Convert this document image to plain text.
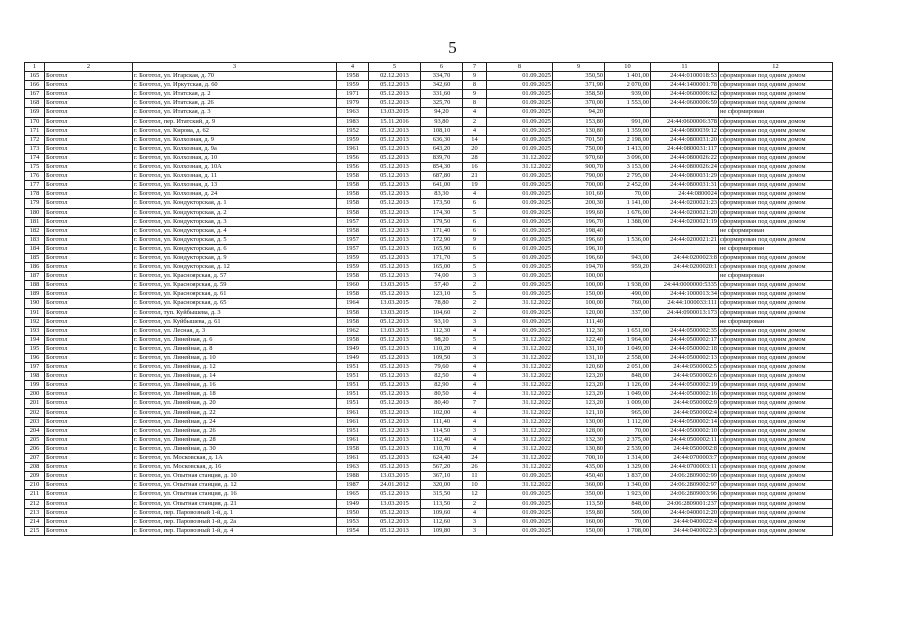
5
1	2	3	4	5	6	7	8	9	10	11	12
165	Боготол	г. Боготол, ул. Игарская, д. 70	1958	02.12.2013	334,70	9	01.09.2025	350,50	1 401,00	24:44:0100018:53	сформирован под одним домом
166	Боготол	г. Боготол, ул. Иркутская, д. 60	1959	05.12.2013	342,60	8	01.09.2025	371,90	2 070,00	24:44:1400001:78	сформирован под одним домом
167	Боготол	г. Боготол, ул. Итатская, д. 2	1971	05.12.2013	331,60	9	01.09.2025	358,50	939,00	24:44:0600006:62	сформирован под одним домом
168	Боготол	г. Боготол, ул. Итатская, д. 26	1979	05.12.2013	325,70	8	01.09.2025	370,00	1 553,00	24:44:0600006:59	сформирован под одним домом
169	Боготол	г. Боготол, ул. Итатская, д. 3	1963	13.03.2015	94,20	4	01.09.2025	94,20			не сформирован
170	Боготол	г. Боготол, пер. Итатский, д. 9	1983	15.11.2016	93,80	2	01.09.2025	153,80	991,00	24:44:0600006:378	сформирован под одним домом
171	Боготол	г. Боготол, ул. Кирова, д. 62	1952	05.12.2013	108,10	4	01.09.2025	130,80	1 359,00	24:44:0800039:12	сформирован под одним домом
172	Боготол	г. Боготол, ул. Колхозная, д. 9	1959	05.12.2013	636,30	14	01.09.2025	701,50	2 198,00	24:44:0800031:20	сформирован под одним домом
173	Боготол	г. Боготол, ул. Колхозная, д. 9а	1961	05.12.2013	643,20	20	01.09.2025	750,00	1 413,00	24:44:0800031:117	сформирован под одним домом
174	Боготол	г. Боготол, ул. Колхозная, д. 10	1956	05.12.2013	839,70	28	31.12.2022	970,60	3 096,00	24:44:0800026:22	сформирован под одним домом
175	Боготол	г. Боготол, ул. Колхозная, д. 10А	1956	05.12.2013	854,30	16	31.12.2022	900,70	3 153,00	24:44:0800026:24	сформирован под одним домом
176	Боготол	г. Боготол, ул. Колхозная, д. 11	1958	05.12.2013	687,80	21	01.09.2025	790,00	2 795,00	24:44:0800031:29	сформирован под одним домом
177	Боготол	г. Боготол, ул. Колхозная, д. 13	1958	05.12.2013	641,00	19	01.09.2025	700,00	2 452,00	24:44:0800031:31	сформирован под одним домом
178	Боготол	г. Боготол, ул. Колхозная, д. 24	1958	05.12.2013	83,30	4	01.09.2025	101,60	70,00	24:44:0800024	сформирован под одним домом
179	Боготол	г. Боготол, ул. Кондукторская, д. 1	1958	05.12.2013	173,50	6	01.09.2025	200,30	1 141,00	24:44:0200021:23	сформирован под одним домом
180	Боготол	г. Боготол, ул. Кондукторская, д. 2	1958	05.12.2013	174,30	5	01.09.2025	199,60	1 676,00	24:44:0200021:20	сформирован под одним домом
181	Боготол	г. Боготол, ул. Кондукторская, д. 3	1957	05.12.2013	179,50	6	01.09.2025	196,70	1 388,00	24:44:0200021:19	сформирован под одним домом
182	Боготол	г. Боготол, ул. Кондукторская, д. 4	1958	05.12.2013	171,40	6	01.09.2025	198,40			не сформирован
183	Боготол	г. Боготол, ул. Кондукторская, д. 5	1957	05.12.2013	172,90	9	01.09.2025	196,60	1 536,00	24:44:0200021:21	сформирован под одним домом
184	Боготол	г. Боготол, ул. Кондукторская, д. 6	1957	05.12.2013	165,90	6	01.09.2025	196,10			не сформирован
185	Боготол	г. Боготол, ул. Кондукторская, д. 9	1959	05.12.2013	171,70	5	01.09.2025	196,60	943,00	24:44:0200023:8	сформирован под одним домом
186	Боготол	г. Боготол, ул. Кондукторская, д. 12	1959	05.12.2013	165,00	5	01.09.2025	194,70	959,20	24:44:0200020:1	сформирован под одним домом
187	Боготол	г. Боготол, ул. Красноярская, д. 57	1958	05.12.2013	74,00	3	01.09.2025	100,00			не сформирован
188	Боготол	г. Боготол, ул. Красноярская, д. 59	1960	13.03.2015	57,40	2	01.09.2025	100,00	1 938,00	24:44:0000000:5335	сформирован под одним домом
189	Боготол	г. Боготол, ул. Красноярская, д. 61	1958	05.12.2013	123,10	5	01.09.2025	150,00	490,00	24:44:1000013:34	сформирован под одним домом
190	Боготол	г. Боготол, ул. Красноярская, д. 65	1964	13.03.2015	78,80	2	31.12.2022	100,00	760,00	24:44:1000033:111	сформирован под одним домом
191	Боготол	г. Боготол, туп. Куйбышева, д. 3	1958	13.03.2015	104,60	2	01.09.2025	120,00	337,00	24:44:0900013:173	сформирован под одним домом
192	Боготол	г. Боготол, ул. Куйбышева, д. 61	1958	05.12.2013	93,10	3	01.09.2025	111,40			не сформирован
193	Боготол	г. Боготол, ул. Лесная, д. 3	1962	13.03.2015	112,30	4	01.09.2025	112,30	1 651,00	24:44:0500002:35	сформирован под одним домом
194	Боготол	г. Боготол, ул. Линейная, д. 6	1958	05.12.2013	98,20	5	31.12.2022	122,40	1 964,00	24:44:0500002:17	сформирован под одним домом
195	Боготол	г. Боготол, ул. Линейная, д. 8	1949	05.12.2013	110,20	4	31.12.2022	131,10	1 049,00	24:44:0500002:18	сформирован под одним домом
196	Боготол	г. Боготол, ул. Линейная, д. 10	1949	05.12.2013	109,50	3	31.12.2022	131,10	2 558,00	24:44:0500002:13	сформирован под одним домом
197	Боготол	г. Боготол, ул. Линейная, д. 12	1951	05.12.2013	79,60	4	31.12.2022	120,60	2 051,00	24:44:0500002:5	сформирован под одним домом
198	Боготол	г. Боготол, ул. Линейная, д. 14	1951	05.12.2013	82,50	4	31.12.2022	123,20	848,00	24:44:0500002:6	сформирован под одним домом
199	Боготол	г. Боготол, ул. Линейная, д. 16	1951	05.12.2013	82,90	4	31.12.2022	123,20	1 126,00	24:44:0500002:19	сформирован под одним домом
200	Боготол	г. Боготол, ул. Линейная, д. 18	1951	05.12.2013	80,50	4	31.12.2022	123,20	1 049,00	24:44:0500002:16	сформирован под одним домом
201	Боготол	г. Боготол, ул. Линейная, д. 20	1951	05.12.2013	80,40	7	31.12.2022	123,20	1 009,00	24:44:0500002:9	сформирован под одним домом
202	Боготол	г. Боготол, ул. Линейная, д. 22	1961	05.12.2013	102,00	4	31.12.2022	121,10	965,00	24:44:0500002:4	сформирован под одним домом
203	Боготол	г. Боготол, ул. Линейная, д. 24	1961	05.12.2013	111,40	4	31.12.2022	130,00	1 112,00	24:44:0500002:14	сформирован под одним домом
204	Боготол	г. Боготол, ул. Линейная, д. 26	1951	05.12.2013	114,50	3	31.12.2022	128,00	70,00	24:44:0500002:10	сформирован под одним домом
205	Боготол	г. Боготол, ул. Линейная, д. 28	1961	05.12.2013	112,40	4	31.12.2022	132,30	2 375,00	24:44:0500002:11	сформирован под одним домом
206	Боготол	г. Боготол, ул. Линейная, д. 30	1958	05.12.2013	110,70	4	31.12.2022	130,80	2 539,00	24:44:0500002:8	сформирован под одним домом
207	Боготол	г. Боготол, ул. Московская, д. 1А	1961	05.12.2013	624,40	24	31.12.2022	700,10	1 314,00	24:44:0700003:7	сформирован под одним домом
208	Боготол	г. Боготол, ул. Московская, д. 16	1963	05.12.2013	567,20	26	31.12.2022	435,00	1 329,00	24:44:0700003:11	сформирован под одним домом
209	Боготол	г. Боготол, ул. Опытная станция, д. 10	1988	13.03.2015	367,10	11	01.09.2025	450,40	1 837,00	24:06:2809002:99	сформирован под одним домом
210	Боготол	г. Боготол, ул. Опытная станция, д. 12	1987	24.01.2012	320,00	10	31.12.2022	360,00	1 340,00	24:06:2809002:97	сформирован под одним домом
211	Боготол	г. Боготол, ул. Опытная станция, д. 16	1965	05.12.2013	315,50	12	01.09.2025	350,00	1 923,00	24:06:2809003:96	сформирован под одним домом
212	Боготол	г. Боготол, ул. Опытная станция, д. 21	1949	13.03.2015	113,50	2	01.09.2025	113,50	848,00	24:06:2809001:237	сформирован под одним домом
213	Боготол	г. Боготол, пер. Паровозный 1-й, д. 1	1950	05.12.2013	109,60	4	01.09.2025	159,80	509,00	24:44:0400012:20	сформирован под одним домом
214	Боготол	г. Боготол, пер. Паровозный 1-й, д. 2а	1953	05.12.2013	112,60	3	01.09.2025	160,00	70,00	24:44:0400022:4	сформирован под одним домом
215	Боготол	г. Боготол, пер. Паровозный 1-й, д. 4	1954	05.12.2013	109,80	3	01.09.2025	150,00	1 708,00	24:44:0400022:3	сформирован под одним домом
